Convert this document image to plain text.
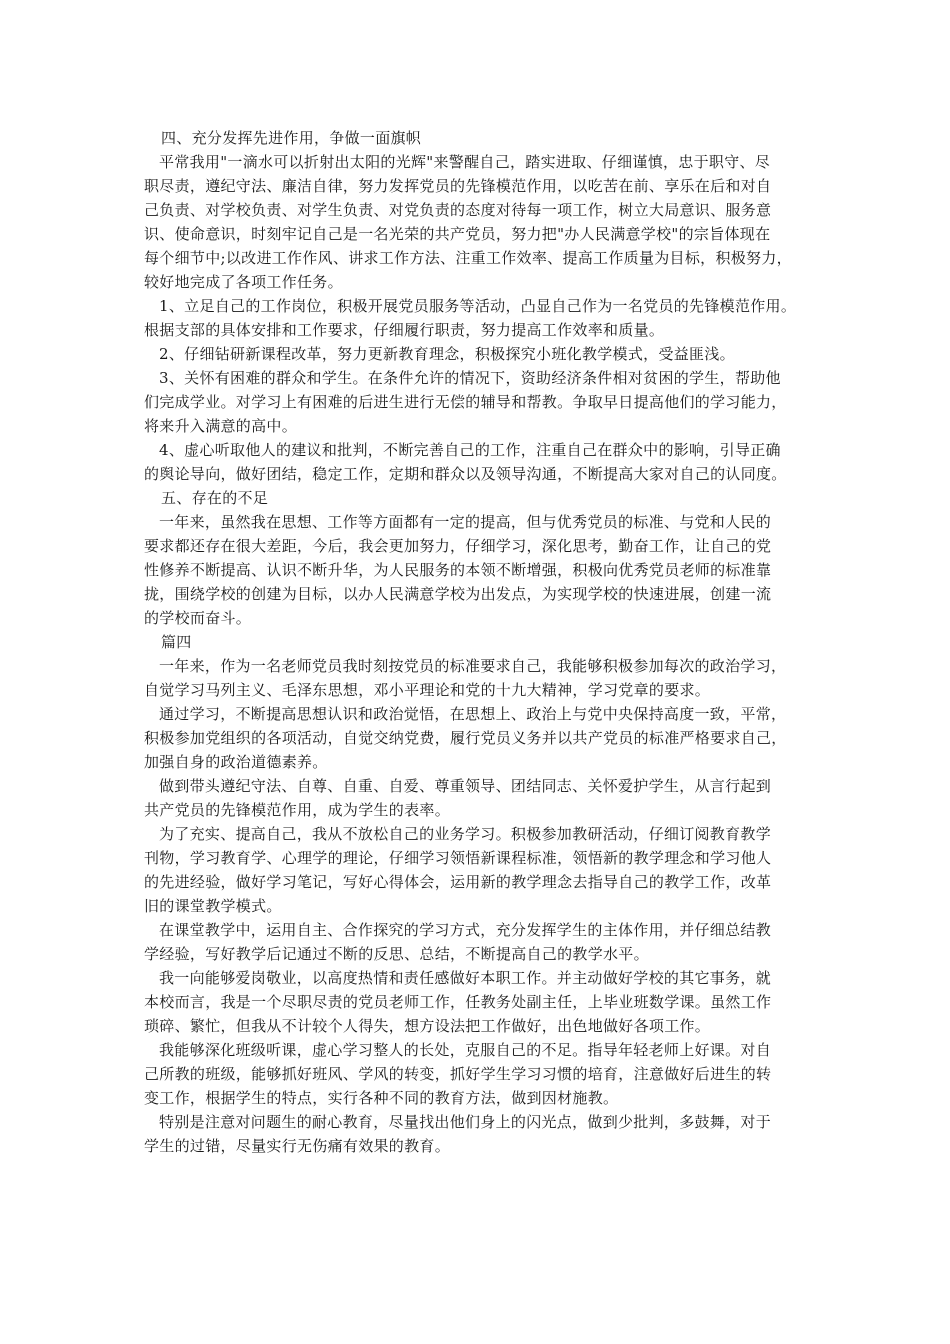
四、充分发挥先进作用，争做一面旗帜

平常我用"一滴水可以折射出太阳的光辉"来警醒自己，踏实进取、仔细谨慎，忠于职守、尽
职尽责，遵纪守法、廉洁自律，努力发挥党员的先锋模范作用，以吃苦在前、享乐在后和对自
己负责、对学校负责、对学生负责、对党负责的态度对待每一项工作，树立大局意识、服务意
识、使命意识，时刻牢记自己是一名光荣的共产党员，努力把"办人民满意学校"的宗旨体现在
每个细节中;以改进工作作风、讲求工作方法、注重工作效率、提高工作质量为目标，积极努力，
较好地完成了各项工作任务。

1、立足自己的工作岗位，积极开展党员服务等活动，凸显自己作为一名党员的先锋模范作用。
根据支部的具体安排和工作要求，仔细履行职责，努力提高工作效率和质量。

2、仔细钻研新课程改革，努力更新教育理念，积极探究小班化教学模式，受益匪浅。

3、关怀有困难的群众和学生。在条件允许的情况下，资助经济条件相对贫困的学生，帮助他
们完成学业。对学习上有困难的后进生进行无偿的辅导和帮教。争取早日提高他们的学习能力，
将来升入满意的高中。

4、虚心听取他人的建议和批判，不断完善自己的工作，注重自己在群众中的影响，引导正确
的舆论导向，做好团结，稳定工作，定期和群众以及领导沟通，不断提高大家对自己的认同度。

五、存在的不足

一年来，虽然我在思想、工作等方面都有一定的提高，但与优秀党员的标准、与党和人民的
要求都还存在很大差距，今后，我会更加努力，仔细学习，深化思考，勤奋工作，让自己的党
性修养不断提高、认识不断升华，为人民服务的本领不断增强，积极向优秀党员老师的标准靠
拢，围绕学校的创建为目标，以办人民满意学校为出发点，为实现学校的快速进展，创建一流
的学校而奋斗。

篇四

一年来，作为一名老师党员我时刻按党员的标准要求自己，我能够积极参加每次的政治学习，
自觉学习马列主义、毛泽东思想，邓小平理论和党的十九大精神，学习党章的要求。

通过学习，不断提高思想认识和政治觉悟，在思想上、政治上与党中央保持高度一致，平常，
积极参加党组织的各项活动，自觉交纳党费，履行党员义务并以共产党员的标准严格要求自己，
加强自身的政治道德素养。

做到带头遵纪守法、自尊、自重、自爱、尊重领导、团结同志、关怀爱护学生，从言行起到
共产党员的先锋模范作用，成为学生的表率。

为了充实、提高自己，我从不放松自己的业务学习。积极参加教研活动，仔细订阅教育教学
刊物，学习教育学、心理学的理论，仔细学习领悟新课程标准，领悟新的教学理念和学习他人
的先进经验，做好学习笔记，写好心得体会，运用新的教学理念去指导自己的教学工作，改革
旧的课堂教学模式。

在课堂教学中，运用自主、合作探究的学习方式，充分发挥学生的主体作用，并仔细总结教
学经验，写好教学后记通过不断的反思、总结，不断提高自己的教学水平。

我一向能够爱岗敬业，以高度热情和责任感做好本职工作。并主动做好学校的其它事务，就
本校而言，我是一个尽职尽责的党员老师工作，任教务处副主任，上毕业班数学课。虽然工作
琐碎、繁忙，但我从不计较个人得失，想方设法把工作做好，出色地做好各项工作。

我能够深化班级听课，虚心学习整人的长处，克服自己的不足。指导年轻老师上好课。对自
己所教的班级，能够抓好班风、学风的转变，抓好学生学习习惯的培育，注意做好后进生的转
变工作，根据学生的特点，实行各种不同的教育方法，做到因材施教。

特别是注意对问题生的耐心教育，尽量找出他们身上的闪光点，做到少批判，多鼓舞，对于
学生的过错，尽量实行无伤痛有效果的教育。
